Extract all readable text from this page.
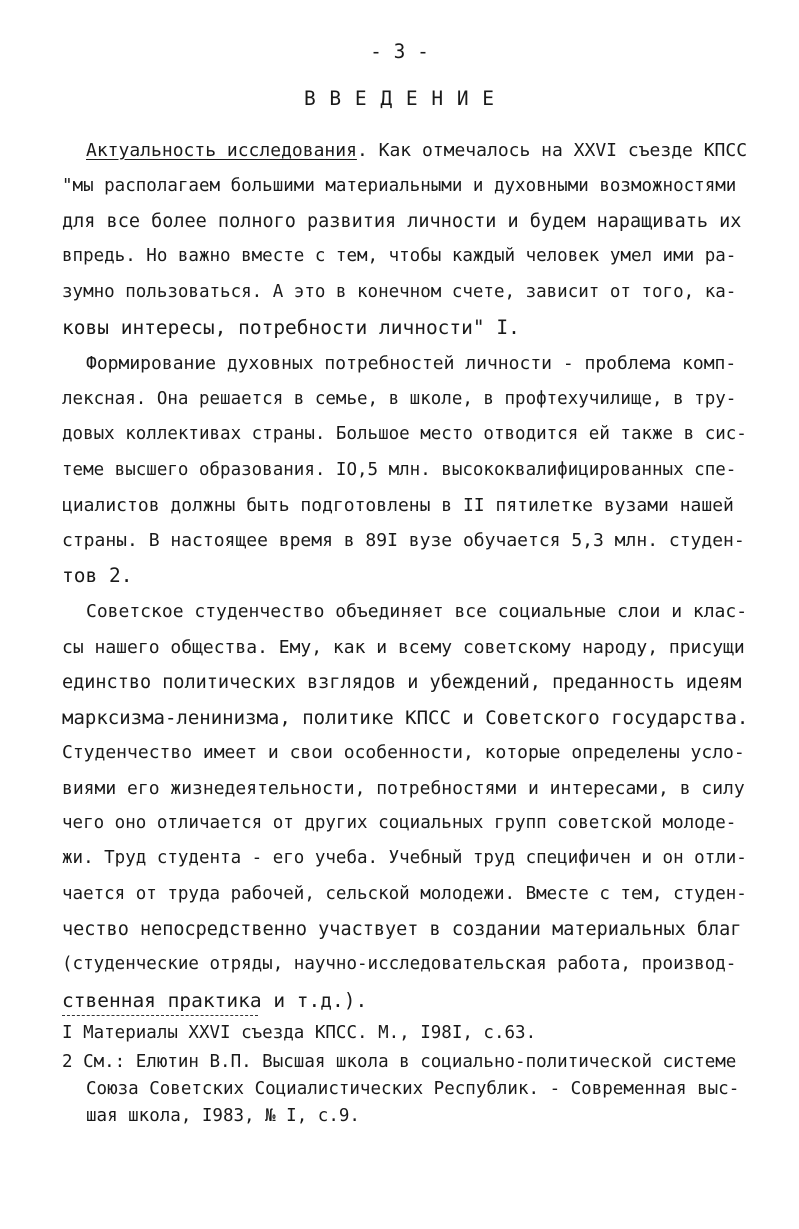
- 3 -
В В Е Д Е Н И Е
Актуальность исследования. Как отмечалось на XXVI съезде КПСС
"мы располагаем большими материальными и духовными возможностями
для все более полного развития личности и будем наращивать их
впредь. Но важно вместе с тем, чтобы каждый человек умел ими ра-
зумно пользоваться. А это в конечном счете, зависит от того, ка-
ковы интересы, потребности личности" I.
Формирование духовных потребностей личности - проблема комп-
лексная. Она решается в семье, в школе, в профтехучилище, в тру-
довых коллективах страны. Большое место отводится ей также в сис-
теме высшего образования. IO,5 млн. высококвалифицированных спе-
циалистов должны быть подготовлены в II пятилетке вузами нашей
страны. В настоящее время в 89I вузе обучается 5,3 млн. студен-
тов 2.
Советское студенчество объединяет все социальные слои и клас-
сы нашего общества. Ему, как и всему советскому народу, присущи
единство политических взглядов и убеждений, преданность идеям
марксизма-ленинизма, политике КПСС и Советского государства.
Студенчество имеет и свои особенности, которые определены усло-
виями его жизнедеятельности, потребностями и интересами, в силу
чего оно отличается от других социальных групп советской молоде-
жи. Труд студента - его учеба. Учебный труд специфичен и он отли-
чается от труда рабочей, сельской молодежи. Вместе с тем, студен-
чество непосредственно участвует в создании материальных благ
(студенческие отряды, научно-исследовательская работа, производ-
ственная практика и т.д.).
I Материалы XXVI съезда КПСС. М., I98I, с.63.
2 См.: Елютин В.П. Высшая школа в социально-политической системе
Союза Советских Социалистических Республик. - Современная выс-
шая школа, I983, № I, с.9.
